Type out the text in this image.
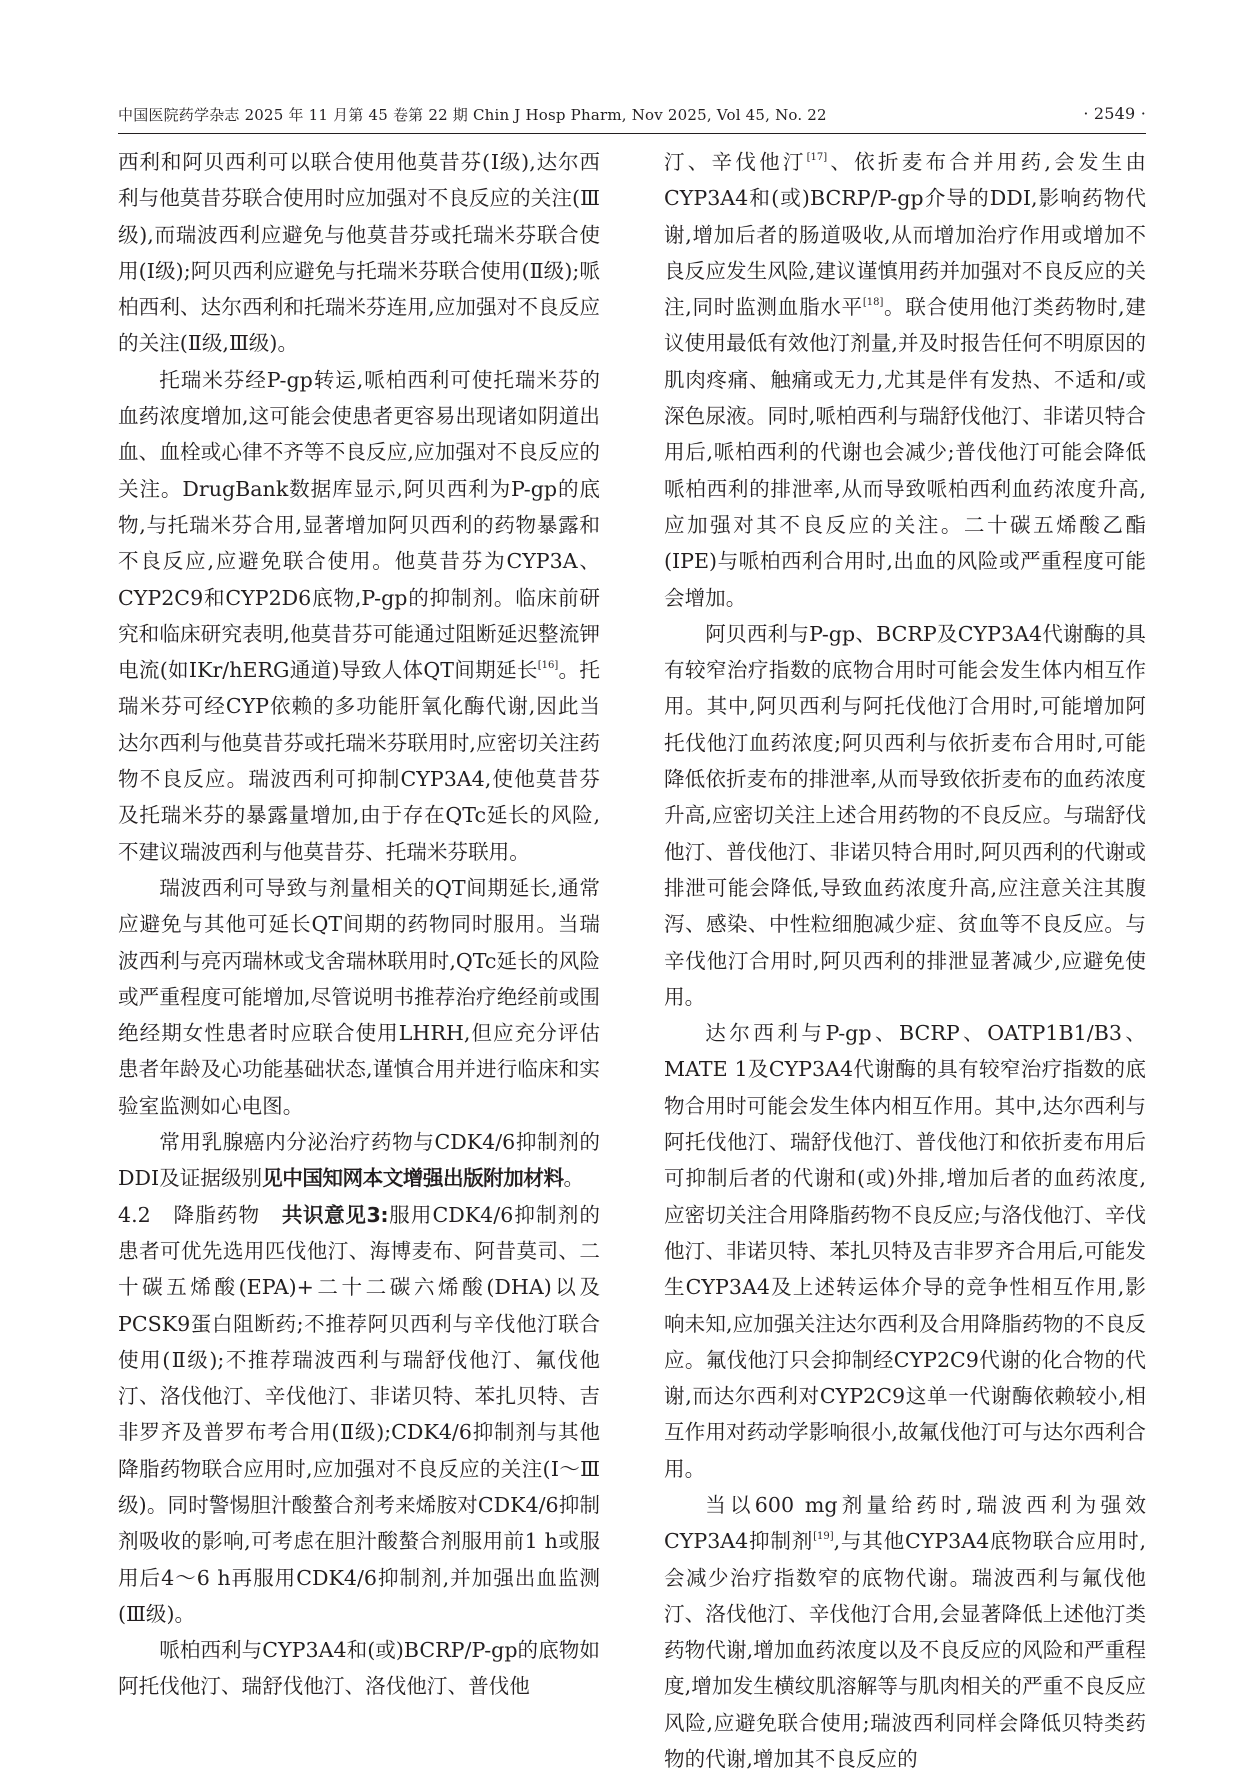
中国医院药学杂志 2025 年 11 月第 45 卷第 22 期 Chin J Hosp Pharm, Nov 2025, Vol 45, No. 22	· 2549 ·

西利和阿贝西利可以联合使用他莫昔芬(Ⅰ级),达尔西利与他莫昔芬联合使用时应加强对不良反应的关注(Ⅲ级),而瑞波西利应避免与他莫昔芬或托瑞米芬联合使用(Ⅰ级);阿贝西利应避免与托瑞米芬联合使用(Ⅱ级);哌柏西利、达尔西利和托瑞米芬连用,应加强对不良反应的关注(Ⅱ级,Ⅲ级)。

托瑞米芬经P-gp转运,哌柏西利可使托瑞米芬的血药浓度增加,这可能会使患者更容易出现诸如阴道出血、血栓或心律不齐等不良反应,应加强对不良反应的关注。DrugBank数据库显示,阿贝西利为P-gp的底物,与托瑞米芬合用,显著增加阿贝西利的药物暴露和不良反应,应避免联合使用。他莫昔芬为CYP3A、CYP2C9和CYP2D6底物,P-gp的抑制剂。临床前研究和临床研究表明,他莫昔芬可能通过阻断延迟整流钾电流(如IKr/hERG通道)导致人体QT间期延长[16]。托瑞米芬可经CYP依赖的多功能肝氧化酶代谢,因此当达尔西利与他莫昔芬或托瑞米芬联用时,应密切关注药物不良反应。瑞波西利可抑制CYP3A4,使他莫昔芬及托瑞米芬的暴露量增加,由于存在QTc延长的风险,不建议瑞波西利与他莫昔芬、托瑞米芬联用。

瑞波西利可导致与剂量相关的QT间期延长,通常应避免与其他可延长QT间期的药物同时服用。当瑞波西利与亮丙瑞林或戈舍瑞林联用时,QTc延长的风险或严重程度可能增加,尽管说明书推荐治疗绝经前或围绝经期女性患者时应联合使用LHRH,但应充分评估患者年龄及心功能基础状态,谨慎合用并进行临床和实验室监测如心电图。

常用乳腺癌内分泌治疗药物与CDK4/6抑制剂的DDI及证据级别见中国知网本文增强出版附加材料。

4.2　降脂药物　共识意见3:服用CDK4/6抑制剂的患者可优先选用匹伐他汀、海博麦布、阿昔莫司、二十碳五烯酸(EPA)+二十二碳六烯酸(DHA)以及PCSK9蛋白阻断药;不推荐阿贝西利与辛伐他汀联合使用(Ⅱ级);不推荐瑞波西利与瑞舒伐他汀、氟伐他汀、洛伐他汀、辛伐他汀、非诺贝特、苯扎贝特、吉非罗齐及普罗布考合用(Ⅱ级);CDK4/6抑制剂与其他降脂药物联合应用时,应加强对不良反应的关注(Ⅰ～Ⅲ级)。同时警惕胆汁酸螯合剂考来烯胺对CDK4/6抑制剂吸收的影响,可考虑在胆汁酸螯合剂服用前1 h或服用后4～6 h再服用CDK4/6抑制剂,并加强出血监测(Ⅲ级)。

哌柏西利与CYP3A4和(或)BCRP/P-gp的底物如阿托伐他汀、瑞舒伐他汀、洛伐他汀、普伐他

汀、辛伐他汀[17]、依折麦布合并用药,会发生由CYP3A4和(或)BCRP/P-gp介导的DDI,影响药物代谢,增加后者的肠道吸收,从而增加治疗作用或增加不良反应发生风险,建议谨慎用药并加强对不良反应的关注,同时监测血脂水平[18]。联合使用他汀类药物时,建议使用最低有效他汀剂量,并及时报告任何不明原因的肌肉疼痛、触痛或无力,尤其是伴有发热、不适和/或深色尿液。同时,哌柏西利与瑞舒伐他汀、非诺贝特合用后,哌柏西利的代谢也会减少;普伐他汀可能会降低哌柏西利的排泄率,从而导致哌柏西利血药浓度升高,应加强对其不良反应的关注。二十碳五烯酸乙酯(IPE)与哌柏西利合用时,出血的风险或严重程度可能会增加。

阿贝西利与P-gp、BCRP及CYP3A4代谢酶的具有较窄治疗指数的底物合用时可能会发生体内相互作用。其中,阿贝西利与阿托伐他汀合用时,可能增加阿托伐他汀血药浓度;阿贝西利与依折麦布合用时,可能降低依折麦布的排泄率,从而导致依折麦布的血药浓度升高,应密切关注上述合用药物的不良反应。与瑞舒伐他汀、普伐他汀、非诺贝特合用时,阿贝西利的代谢或排泄可能会降低,导致血药浓度升高,应注意关注其腹泻、感染、中性粒细胞减少症、贫血等不良反应。与辛伐他汀合用时,阿贝西利的排泄显著减少,应避免使用。

达尔西利与P-gp、BCRP、OATP1B1/B3、MATE 1及CYP3A4代谢酶的具有较窄治疗指数的底物合用时可能会发生体内相互作用。其中,达尔西利与阿托伐他汀、瑞舒伐他汀、普伐他汀和依折麦布用后可抑制后者的代谢和(或)外排,增加后者的血药浓度,应密切关注合用降脂药物不良反应;与洛伐他汀、辛伐他汀、非诺贝特、苯扎贝特及吉非罗齐合用后,可能发生CYP3A4及上述转运体介导的竞争性相互作用,影响未知,应加强关注达尔西利及合用降脂药物的不良反应。氟伐他汀只会抑制经CYP2C9代谢的化合物的代谢,而达尔西利对CYP2C9这单一代谢酶依赖较小,相互作用对药动学影响很小,故氟伐他汀可与达尔西利合用。

当以600 mg剂量给药时,瑞波西利为强效CYP3A4抑制剂[19],与其他CYP3A4底物联合应用时,会减少治疗指数窄的底物代谢。瑞波西利与氟伐他汀、洛伐他汀、辛伐他汀合用,会显著降低上述他汀类药物代谢,增加血药浓度以及不良反应的风险和严重程度,增加发生横纹肌溶解等与肌肉相关的严重不良反应风险,应避免联合使用;瑞波西利同样会降低贝特类药物的代谢,增加其不良反应的
